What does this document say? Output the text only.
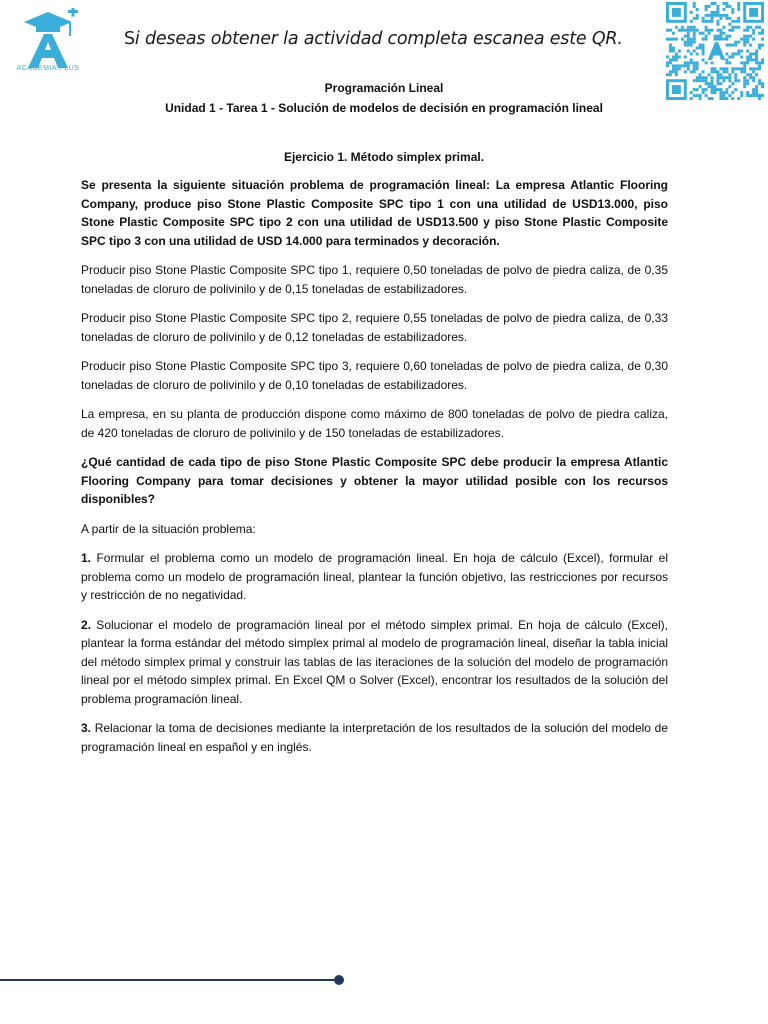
ACADEMIA PLUS
Si deseas obtener la actividad completa escanea este QR.
Programación Lineal
Unidad 1 - Tarea 1 - Solución de modelos de decisión en programación lineal
Ejercicio 1. Método simplex primal.

Se presenta la siguiente situación problema de programación lineal: La empresa Atlantic Flooring Company, produce piso Stone Plastic Composite SPC tipo 1 con una utilidad de USD13.000, piso Stone Plastic Composite SPC tipo 2 con una utilidad de USD13.500 y piso Stone Plastic Composite SPC tipo 3 con una utilidad de USD 14.000 para terminados y decoración.

Producir piso Stone Plastic Composite SPC tipo 1, requiere 0,50 toneladas de polvo de piedra caliza, de 0,35 toneladas de cloruro de polivinilo y de 0,15 toneladas de estabilizadores.

Producir piso Stone Plastic Composite SPC tipo 2, requiere 0,55 toneladas de polvo de piedra caliza, de 0,33 toneladas de cloruro de polivinilo y de 0,12 toneladas de estabilizadores.

Producir piso Stone Plastic Composite SPC tipo 3, requiere 0,60 toneladas de polvo de piedra caliza, de 0,30 toneladas de cloruro de polivinilo y de 0,10 toneladas de estabilizadores.

La empresa, en su planta de producción dispone como máximo de 800 toneladas de polvo de piedra caliza, de 420 toneladas de cloruro de polivinilo y de 150 toneladas de estabilizadores.

¿Qué cantidad de cada tipo de piso Stone Plastic Composite SPC debe producir la empresa Atlantic Flooring Company para tomar decisiones y obtener la mayor utilidad posible con los recursos disponibles?

A partir de la situación problema:

1. Formular el problema como un modelo de programación lineal. En hoja de cálculo (Excel), formular el problema como un modelo de programación lineal, plantear la función objetivo, las restricciones por recursos y restricción de no negatividad.

2. Solucionar el modelo de programación lineal por el método simplex primal. En hoja de cálculo (Excel), plantear la forma estándar del método simplex primal al modelo de programación lineal, diseñar la tabla inicial del método simplex primal y construir las tablas de las iteraciones de la solución del modelo de programación lineal por el método simplex primal. En Excel QM o Solver (Excel), encontrar los resultados de la solución del problema programación lineal.

3. Relacionar la toma de decisiones mediante la interpretación de los resultados de la solución del modelo de programación lineal en español y en inglés.
